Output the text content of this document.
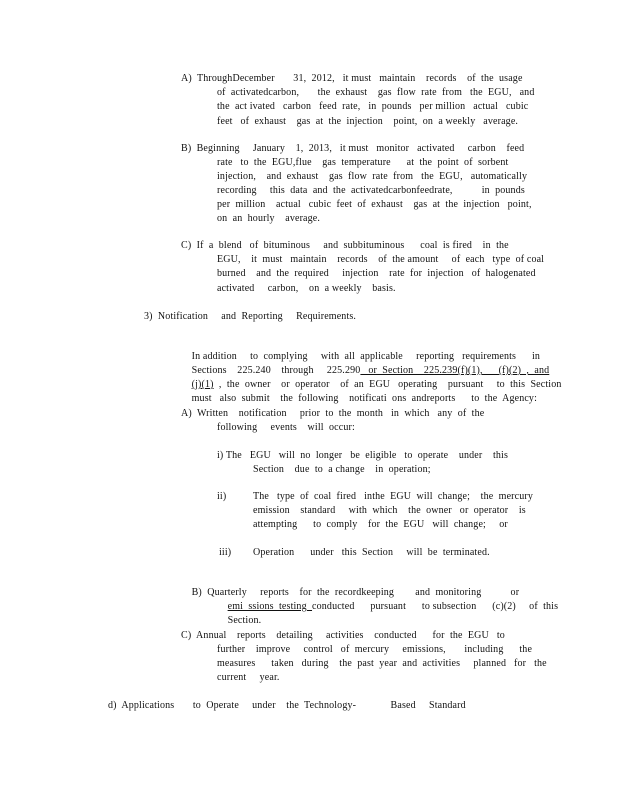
A)  ThroughDecember       31,  2012,   it must   maintain    records    of  the  usage
of  activatedcarbon,       the  exhaust    gas  flow  rate  from   the  EGU,   and
the  act ivated   carbon   feed  rate,   in  pounds   per million   actual   cubic
feet   of  exhaust    gas  at  the  injection    point,  on  a weekly   average.
B)  Beginning     January    1,  2013,   it must   monitor   activated     carbon    feed
rate   to  the  EGU,flue    gas  temperature      at  the  point  of  sorbent
injection,    and  exhaust    gas  flow  rate  from   the  EGU,   automatically
recording     this  data  and  the  activatedcarbonfeedrate,           in  pounds
per  million    actual   cubic  feet  of  exhaust    gas  at  the  injection   point,
on  an  hourly    average.
C)  If  a  blend   of  bituminous     and  subbituminous      coal  is fired    in  the
EGU,    it  must   maintain    records    of  the amount     of  each   type  of coal
burned    and  the  required     injection    rate  for  injection   of  halogenated
activated     carbon,    on  a weekly    basis.
3)  Notification     and  Reporting     Requirements.

In addition     to  complying     with  all  applicable     reporting   requirements      in

Sections    225.240    through     225.290   or  Section    225.239(f)(1),      (f)(2)  ,  and

(j)(1)  ,  the  owner    or  operator    of  an  EGU   operating    pursuant     to  this  Section

must   also  submit    the  following    notificati  ons  andreports      to  the  Agency:

A)  Written    notification     prior  to  the  month   in  which   any  of  the
following     events    will  occur:
i) The   EGU   will  no  longer   be  eligible   to  operate    under    this
Section    due  to  a change    in  operation;
ii)	The   type  of  coal  fired   inthe  EGU  will  change;    the  mercury
emission    standard     with  which    the  owner   or  operator    is
attempting      to  comply    for  the  EGU   will  change;     or
iii) Operation      under   this  Section     will  be  terminated.

B)  Quarterly     reports    for  the  recordkeeping        and  monitoring           or

emi  ssions  testing  conducted      pursuant      to subsection      (c)(2)     of  this

Section.

C)  Annual    reports    detailing     activities    conducted      for  the  EGU   to
further    improve     control   of  mercury     emissions,       including      the
measures      taken   during    the  past  year  and  activities     planned   for   the
current     year.
d)  Applications       to  Operate     under    the  Technology-             Based     Standard
